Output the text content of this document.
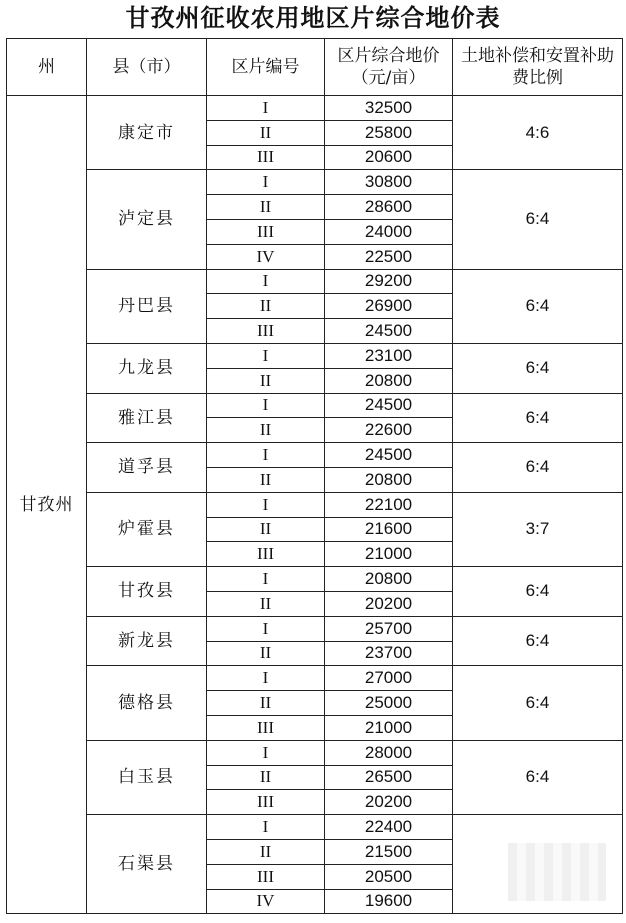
甘孜州征收农用地区片综合地价表
州	县（市）	区片编号	区片综合地价（元/亩）	土地补偿和安置补助费比例
甘孜州	康定市	I	32500	4:6
		II	25800	
		III	20600	
	泸定县	I	30800	6:4
		II	28600	
		III	24000	
		IV	22500	
	丹巴县	I	29200	6:4
		II	26900	
		III	24500	
	九龙县	I	23100	6:4
		II	20800	
	雅江县	I	24500	6:4
		II	22600	
	道孚县	I	24500	6:4
		II	20800	
	炉霍县	I	22100	3:7
		II	21600	
		III	21000	
	甘孜县	I	20800	6:4
		II	20200	
	新龙县	I	25700	6:4
		II	23700	
	德格县	I	27000	6:4
		II	25000	
		III	21000	
	白玉县	I	28000	6:4
		II	26500	
		III	20200	
	石渠县	I	22400	
		II	21500	
		III	20500	
		IV	19600	
